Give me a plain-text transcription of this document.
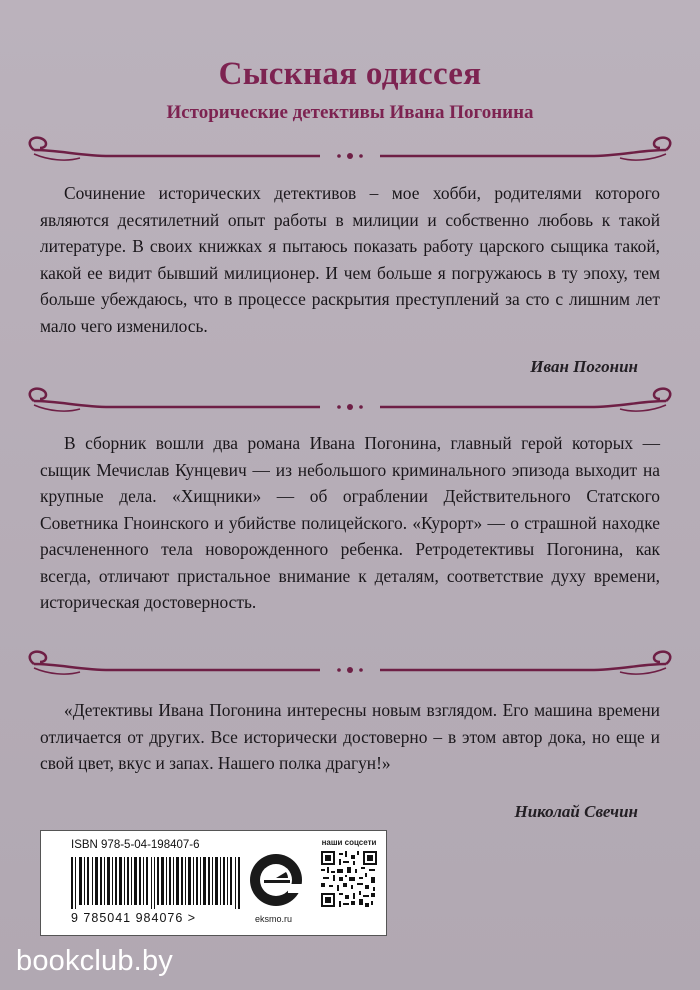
Сыскная одиссея
Исторические детективы Ивана Погонина
Сочинение исторических детективов – мое хобби, родителями которого являются десятилетний опыт работы в милиции и собственно любовь к такой литературе. В своих книжках я пытаюсь показать работу царского сыщика такой, какой ее видит бывший милиционер. И чем больше я погружаюсь в ту эпоху, тем больше убеждаюсь, что в процессе раскрытия преступлений за сто с лишним лет мало чего изменилось.
Иван Погонин
В сборник вошли два романа Ивана Погонина, главный герой которых — сыщик Мечислав Кунцевич — из небольшого криминального эпизода выходит на крупные дела. «Хищники» — об ограблении Действительного Статского Советника Гноинского и убийстве полицейского. «Курорт» — о страшной находке расчлененного тела новорожденного ребенка. Ретродетективы Погонина, как всегда, отличают пристальное внимание к деталям, соответствие духу времени, историческая достоверность.
«Детективы Ивана Погонина интересны новым взглядом. Его машина времени отличается от других. Все исторически достоверно – в этом автор дока, но еще и свой цвет, вкус и запах. Нашего полка драгун!»
Николай Свечин
ISBN 978-5-04-198407-6
9 785041 984076 >	eksmo.ru
наши соцсети
bookclub.by
